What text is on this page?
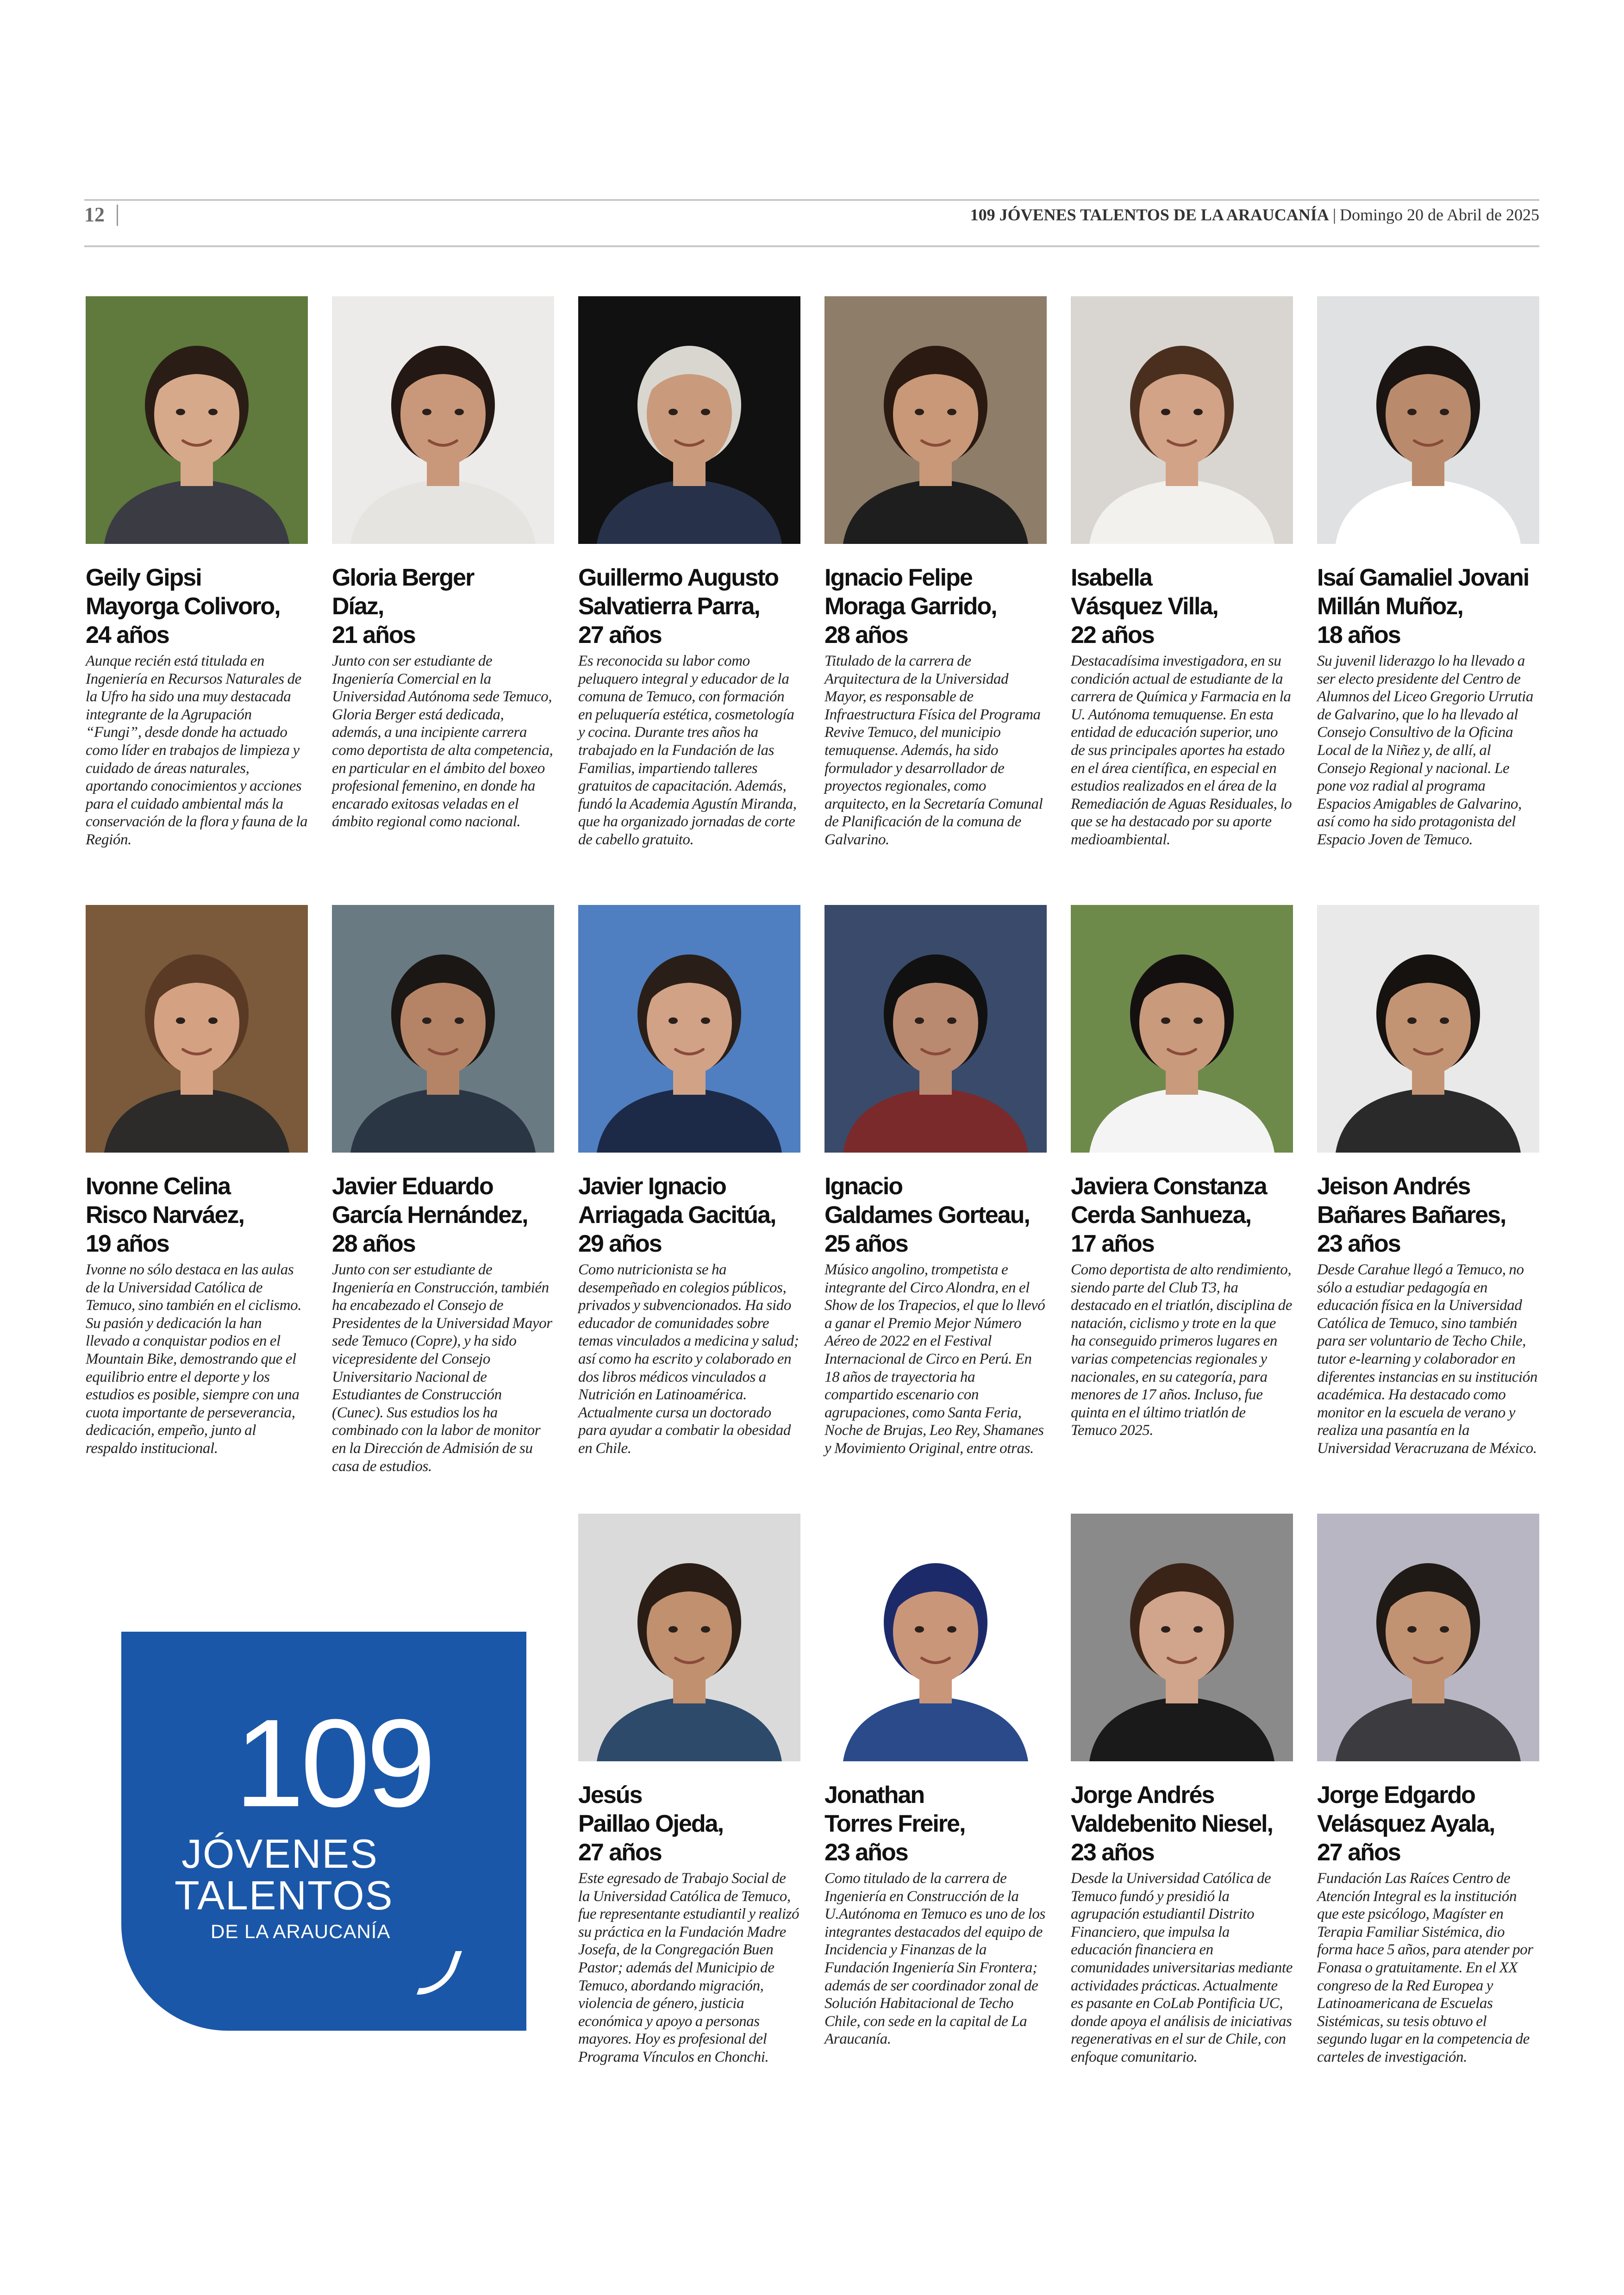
12	109 JÓVENES TALENTOS DE LA ARAUCANÍA | Domingo 20 de Abril de 2025
Geily Gipsi
Mayorga Colivoro,
24 años
Aunque recién está titulada en Ingeniería en Recursos Naturales de la Ufro ha sido una muy destacada integrante de la Agrupación “Fungi”, desde donde ha actuado como líder en trabajos de limpieza y cuidado de áreas naturales, aportando conocimientos y acciones para el cuidado ambiental más la conservación de la flora y fauna de la Región.
Gloria Berger
Díaz,
21 años
Junto con ser estudiante de Ingeniería Comercial en la Universidad Autónoma sede Temuco, Gloria Berger está dedicada, además, a una incipiente carrera como deportista de alta competencia, en particular en el ámbito del boxeo profesional femenino, en donde ha encarado exitosas veladas en el ámbito regional como nacional.
Guillermo Augusto
Salvatierra Parra,
27 años
Es reconocida su labor como peluquero integral y educador de la comuna de Temuco, con formación en peluquería estética, cosmetología y cocina. Durante tres años ha trabajado en la Fundación de las Familias, impartiendo talleres gratuitos de capacitación. Además, fundó la Academia Agustín Miranda, que ha organizado jornadas de corte de cabello gratuito.
Ignacio Felipe
Moraga Garrido,
28 años
Titulado de la carrera de Arquitectura de la Universidad Mayor, es responsable de Infraestructura Física del Programa Revive Temuco, del municipio temuquense. Además, ha sido formulador y desarrollador de proyectos regionales, como arquitecto, en la Secretaría Comunal de Planificación de la comuna de Galvarino.
Isabella
Vásquez Villa,
22 años
Destacadísima investigadora, en su condición actual de estudiante de la carrera de Química y Farmacia en la U. Autónoma temuquense. En esta entidad de educación superior, uno de sus principales aportes ha estado en el área científica, en especial en estudios realizados en el área de la Remediación de Aguas Residuales, lo que se ha destacado por su aporte medioambiental.
Isaí Gamaliel Jovani
Millán Muñoz,
18 años
Su juvenil liderazgo lo ha llevado a ser electo presidente del Centro de Alumnos del Liceo Gregorio Urrutia de Galvarino, que lo ha llevado al Consejo Consultivo de la Oficina Local de la Niñez y, de allí, al Consejo Regional y nacional. Le pone voz radial al programa Espacios Amigables de Galvarino, así como ha sido protagonista del Espacio Joven de Temuco.
Ivonne Celina
Risco Narváez,
19 años
Ivonne no sólo destaca en las aulas de la Universidad Católica de Temuco, sino también en el ciclismo. Su pasión y dedicación la han llevado a conquistar podios en el Mountain Bike, demostrando que el equilibrio entre el deporte y los estudios es posible, siempre con una cuota importante de perseverancia, dedicación, empeño, junto al respaldo institucional.
Javier Eduardo
García Hernández,
28 años
Junto con ser estudiante de Ingeniería en Construcción, también ha encabezado el Consejo de Presidentes de la Universidad Mayor sede Temuco (Copre), y ha sido vicepresidente del Consejo Universitario Nacional de Estudiantes de Construcción (Cunec). Sus estudios los ha combinado con la labor de monitor en la Dirección de Admisión de su casa de estudios.
Javier Ignacio
Arriagada Gacitúa,
29 años
Como nutricionista se ha desempeñado en colegios públicos, privados y subvencionados. Ha sido educador de comunidades sobre temas vinculados a medicina y salud; así como ha escrito y colaborado en dos libros médicos vinculados a Nutrición en Latinoamérica. Actualmente cursa un doctorado para ayudar a combatir la obesidad en Chile.
Ignacio
Galdames Gorteau,
25 años
Músico angolino, trompetista e integrante del Circo Alondra, en el Show de los Trapecios, el que lo llevó a ganar el Premio Mejor Número Aéreo de 2022 en el Festival Internacional de Circo en Perú. En 18 años de trayectoria ha compartido escenario con agrupaciones, como Santa Feria, Noche de Brujas, Leo Rey, Shamanes y Movimiento Original, entre otras.
Javiera Constanza
Cerda Sanhueza,
17 años
Como deportista de alto rendimiento, siendo parte del Club T3, ha destacado en el triatlón, disciplina de natación, ciclismo y trote en la que ha conseguido primeros lugares en varias competencias regionales y nacionales, en su categoría, para menores de 17 años. Incluso, fue quinta en el último triatlón de Temuco 2025.
Jeison Andrés
Bañares Bañares,
23 años
Desde Carahue llegó a Temuco, no sólo a estudiar pedagogía en educación física en la Universidad Católica de Temuco, sino también para ser voluntario de Techo Chile, tutor e-learning y colaborador en diferentes instancias en su institución académica. Ha destacado como monitor en la escuela de verano y realiza una pasantía en la Universidad Veracruzana de México.
Jesús
Paillao Ojeda,
27 años
Este egresado de Trabajo Social de la Universidad Católica de Temuco, fue representante estudiantil y realizó su práctica en la Fundación Madre Josefa, de la Congregación Buen Pastor; además del Municipio de Temuco, abordando migración, violencia de género, justicia económica y apoyo a personas mayores. Hoy es profesional del Programa Vínculos en Chonchi.
Jonathan
Torres Freire,
23 años
Como titulado de la carrera de Ingeniería en Construcción de la U.Autónoma en Temuco es uno de los integrantes destacados del equipo de Incidencia y Finanzas de la Fundación Ingeniería Sin Frontera; además de ser coordinador zonal de Solución Habitacional de Techo Chile, con sede en la capital de La Araucanía.
Jorge Andrés
Valdebenito Niesel,
23 años
Desde la Universidad Católica de Temuco fundó y presidió la agrupación estudiantil Distrito Financiero, que impulsa la educación financiera en comunidades universitarias mediante actividades prácticas. Actualmente es pasante en CoLab Pontificia UC, donde apoya el análisis de iniciativas regenerativas en el sur de Chile, con enfoque comunitario.
Jorge Edgardo
Velásquez Ayala,
27 años
Fundación Las Raíces Centro de Atención Integral es la institución que este psicólogo, Magíster en Terapia Familiar Sistémica, dio forma hace 5 años, para atender por Fonasa o gratuitamente. En el XX congreso de la Red Europea y Latinoamericana de Escuelas Sistémicas, su tesis obtuvo el segundo lugar en la competencia de carteles de investigación.
109
JÓVENES
TALENTOS
DE LA ARAUCANÍA
